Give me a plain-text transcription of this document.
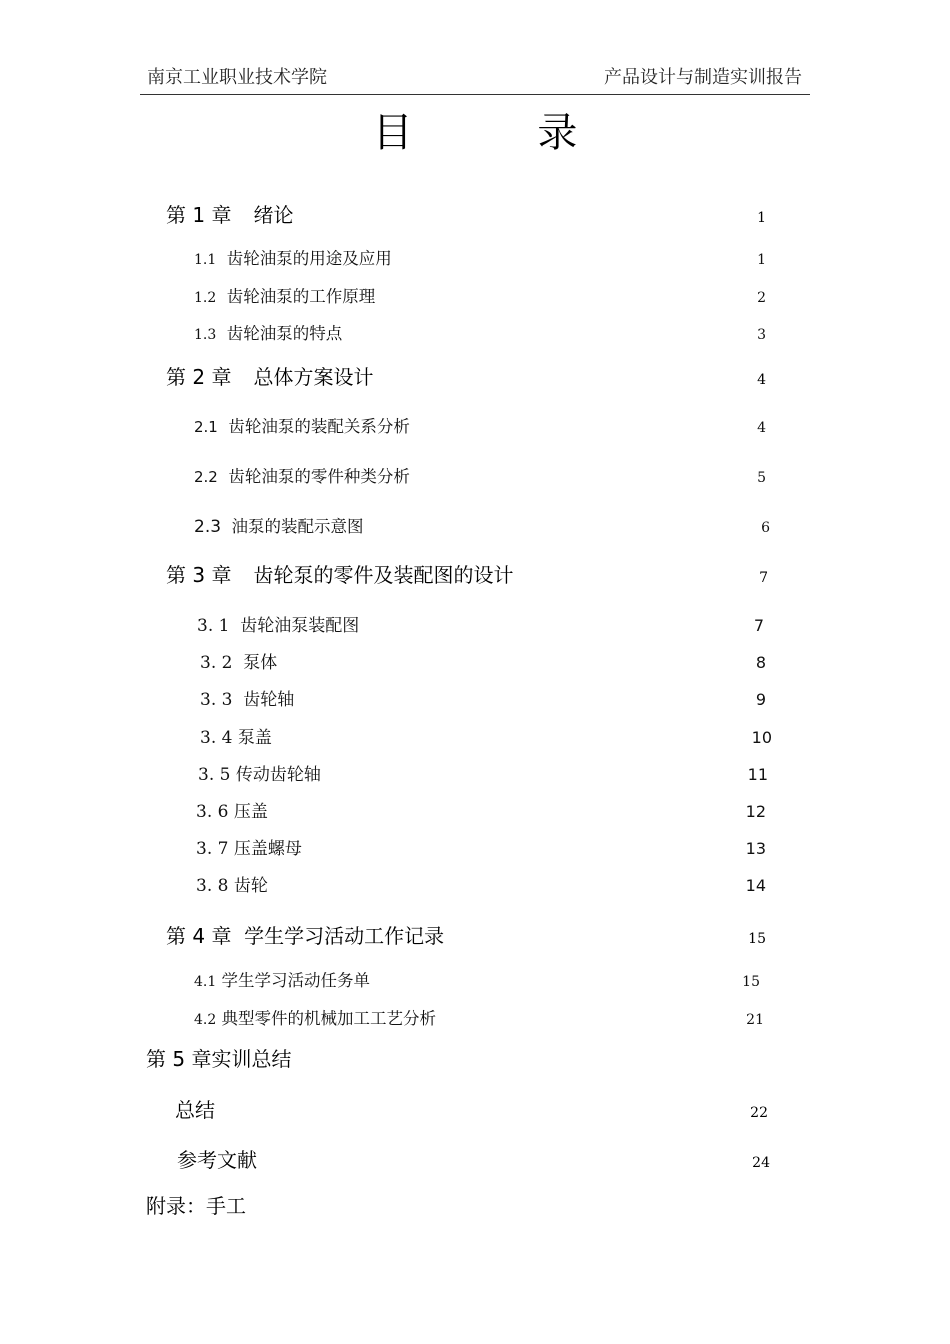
南京工业职业技术学院	产品设计与制造实训报告
目 录
第 1 章 绪论	1
1.1 齿轮油泵的用途及应用	1
1.2 齿轮油泵的工作原理	2
1.3 齿轮油泵的特点	3
第 2 章 总体方案设计	4
2.1 齿轮油泵的装配关系分析	4
2.2 齿轮油泵的零件种类分析	5
2.3 油泵的装配示意图	6
第 3 章 齿轮泵的零件及装配图的设计	7
3. 1 齿轮油泵装配图	7
3. 2 泵体	8
3. 3 齿轮轴	9
3. 4 泵盖	10
3. 5 传动齿轮轴	11
3. 6 压盖	12
3. 7 压盖螺母	13
3. 8 齿轮	14
第 4 章 学生学习活动工作记录	15
4.1 学生学习活动任务单	15
4.2 典型零件的机械加工工艺分析	21
第 5 章实训总结
总结	22
参考文献	24
附录：手工
